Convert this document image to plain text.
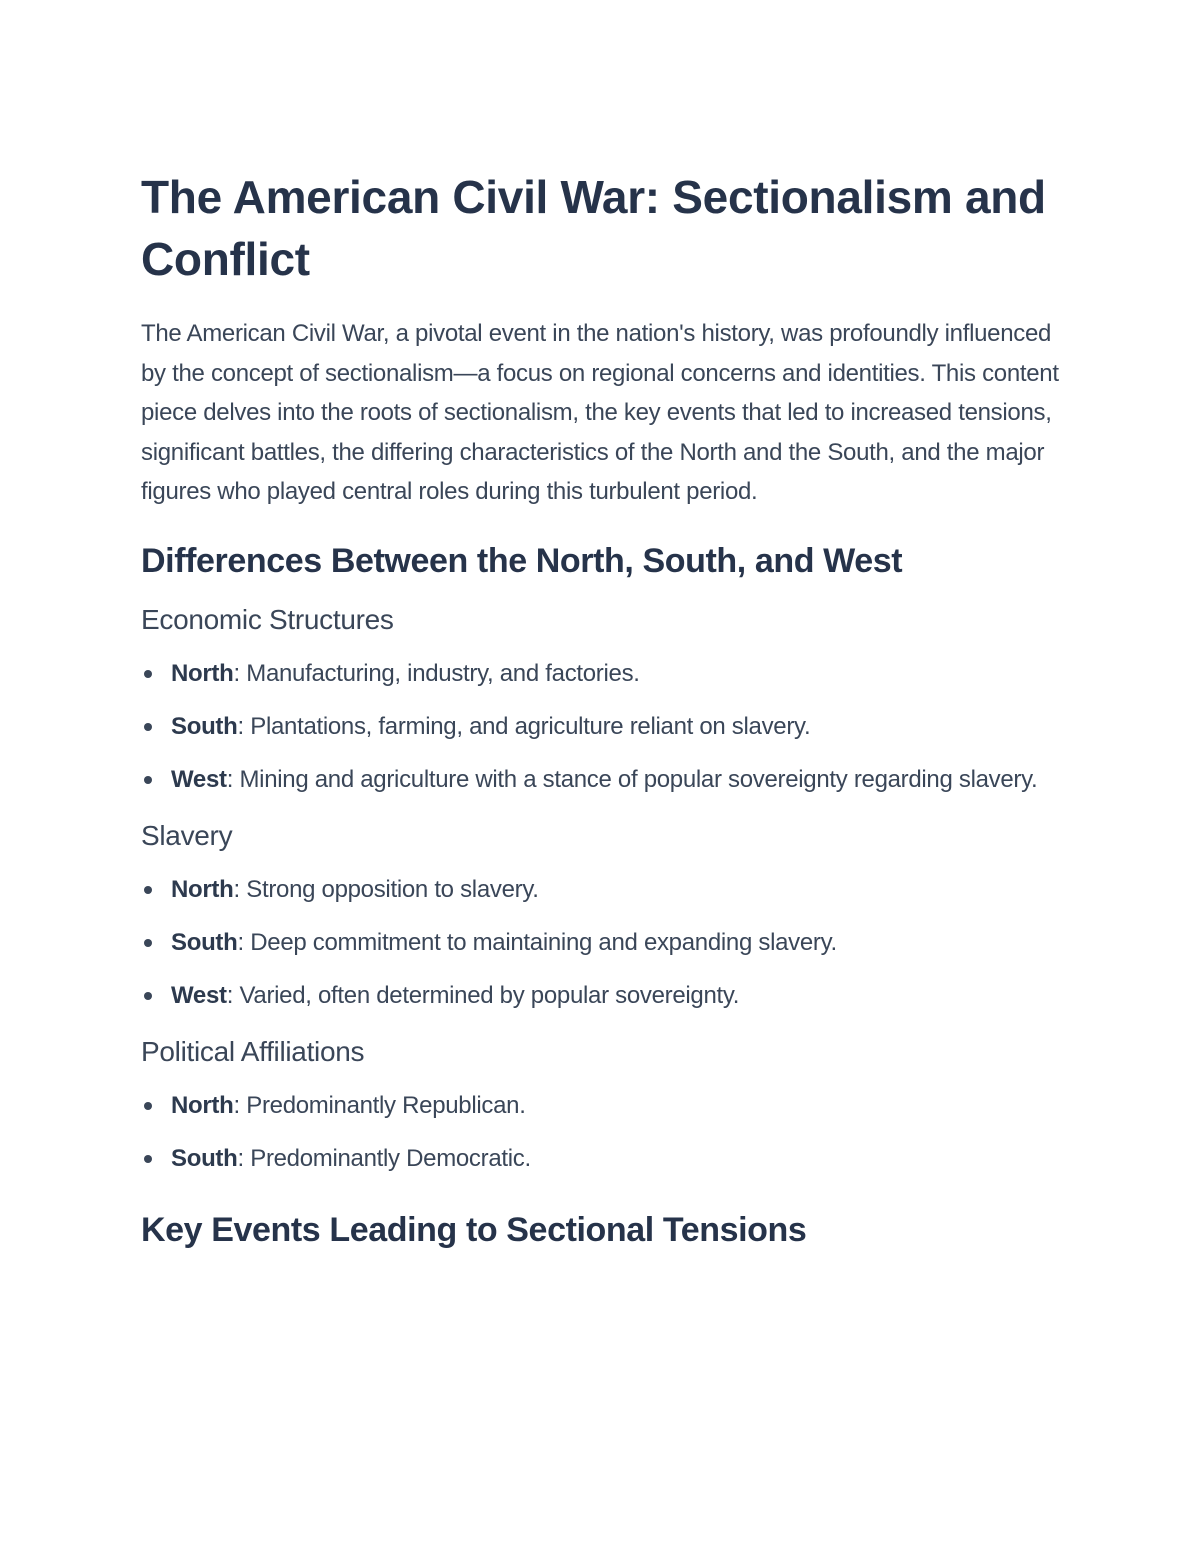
The American Civil War: Sectionalism and Conflict

The American Civil War, a pivotal event in the nation's history, was profoundly influenced by the concept of sectionalism—a focus on regional concerns and identities. This content piece delves into the roots of sectionalism, the key events that led to increased tensions, significant battles, the differing characteristics of the North and the South, and the major figures who played central roles during this turbulent period.

Differences Between the North, South, and West
Economic Structures
North: Manufacturing, industry, and factories.
South: Plantations, farming, and agriculture reliant on slavery.
West: Mining and agriculture with a stance of popular sovereignty regarding slavery.
Slavery
North: Strong opposition to slavery.
South: Deep commitment to maintaining and expanding slavery.
West: Varied, often determined by popular sovereignty.
Political Affiliations
North: Predominantly Republican.
South: Predominantly Democratic.
Key Events Leading to Sectional Tensions
